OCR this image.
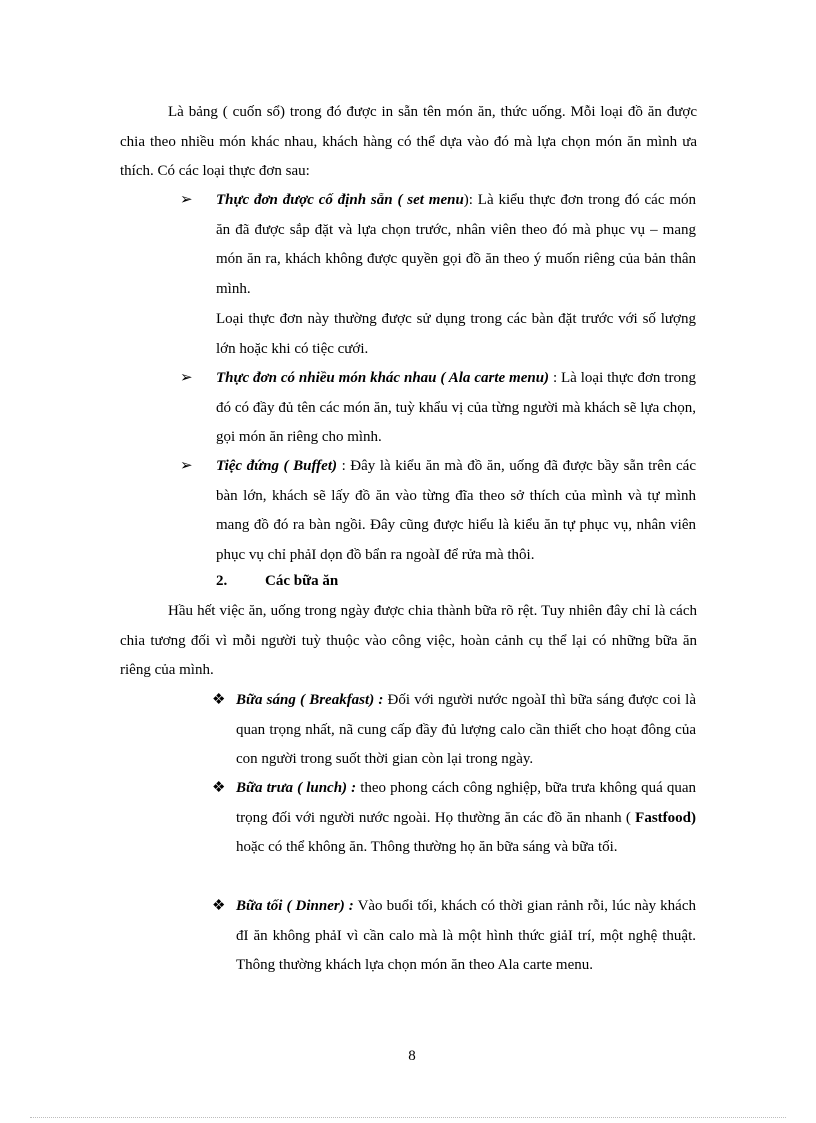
Là bảng ( cuốn sổ) trong đó được in sẵn tên món ăn, thức uống. Mỗi loại đồ ăn được chia theo nhiều món khác nhau, khách hàng có thể dựa vào đó mà lựa chọn món ăn mình ưa thích. Có các loại thực đơn sau:

➢ Thực đơn được cố định sẵn ( set menu): Là kiểu thực đơn trong đó các món ăn đã được sắp đặt và lựa chọn trước, nhân viên theo đó mà phục vụ – mang món ăn ra, khách không được quyền gọi đồ ăn theo ý muốn riêng của bản thân mình.

Loại thực đơn này thường được sử dụng trong các bàn đặt trước với số lượng lớn hoặc khi có tiệc cưới.

➢ Thực đơn có nhiều món khác nhau ( Ala carte menu) : Là loại thực đơn trong đó có đầy đủ tên các món ăn, tuỳ khẩu vị của từng người mà khách sẽ lựa chọn, gọi món ăn riêng cho mình.
➢ Tiệc đứng ( Buffet) : Đây là kiểu ăn mà đồ ăn, uống đã được bầy sẵn trên các bàn lớn, khách sẽ lấy đồ ăn vào từng đĩa theo sở thích của mình và tự mình mang đồ đó ra bàn ngồi. Đây cũng được hiểu là kiểu ăn tự phục vụ, nhân viên phục vụ chỉ phảI dọn đồ bẩn ra ngoàI để rửa mà thôi.
2.	Các bữa ăn

Hầu hết việc ăn, uống trong ngày được chia thành bữa rõ rệt. Tuy nhiên đây chỉ là cách chia tương đối vì mỗi người tuỳ thuộc vào công việc, hoàn cảnh cụ thể lại có những bữa ăn riêng của mình.

❖ Bữa sáng ( Breakfast) : Đối với người nước ngoàI thì bữa sáng được coi là quan trọng nhất, nã cung cấp đầy đủ lượng calo cần thiết cho hoạt đông của con người trong suốt thời gian còn lại trong ngày.
❖ Bữa trưa ( lunch) : theo phong cách công nghiệp, bữa trưa không quá quan trọng đối với người nước ngoài. Họ thường ăn các đồ ăn nhanh ( Fastfood) hoặc có thể không ăn. Thông thường họ ăn bữa sáng và bữa tối.
❖ Bữa tối ( Dinner) : Vào buổi tối, khách có thời gian rảnh rỗi, lúc này khách đI ăn không phảI vì cần calo mà là một hình thức giảI trí, một nghệ thuật. Thông thường khách lựa chọn món ăn theo Ala carte menu.
8
